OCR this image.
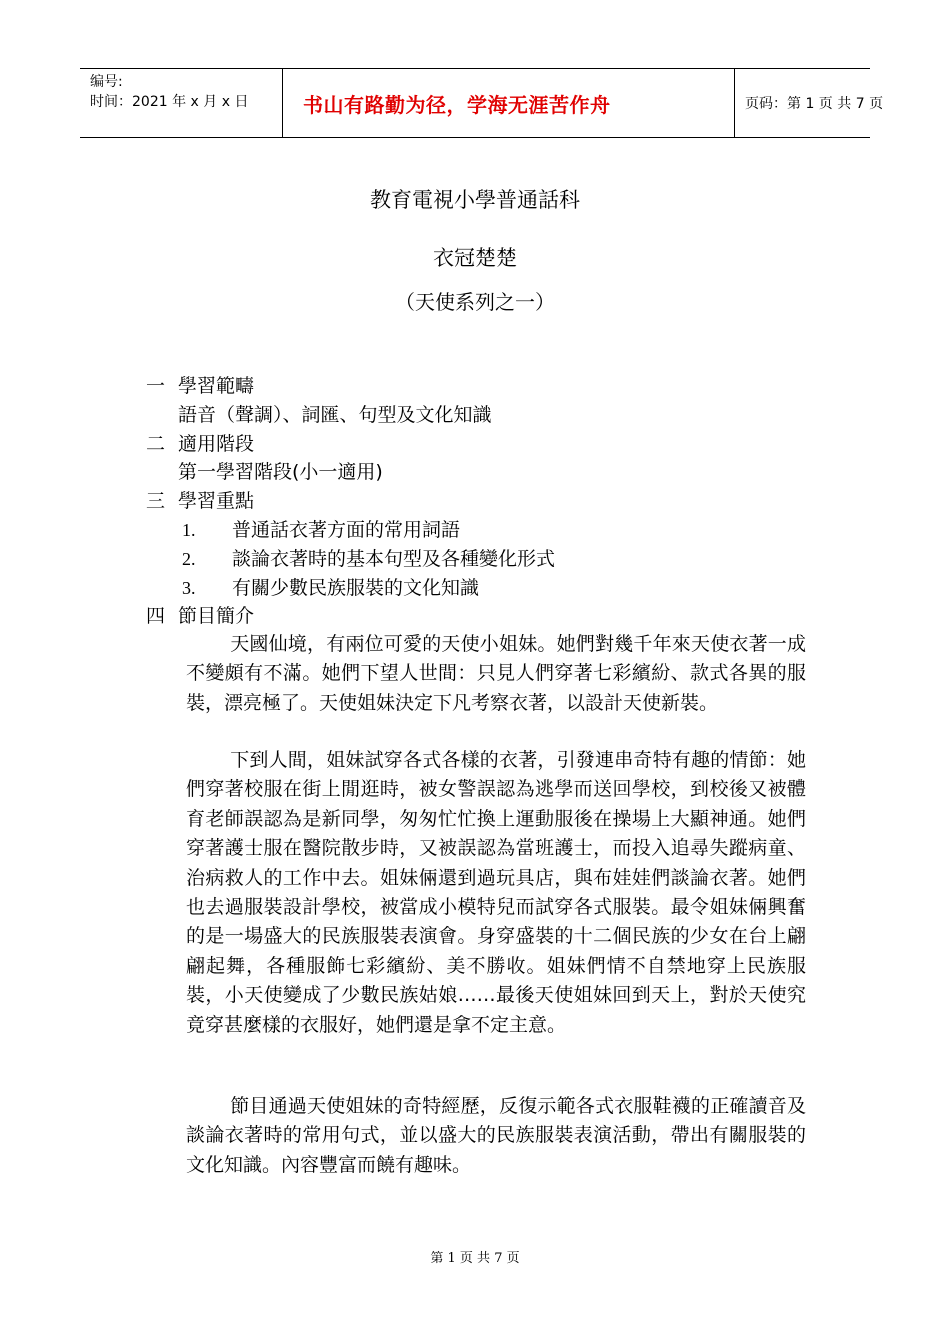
编号:
时间：2021 年 x 月 x 日	书山有路勤为径，学海无涯苦作舟	页码：第 1 页 共 7 页
教育電視小學普通話科
衣冠楚楚
（天使系列之一）
一 學習範疇
語音（聲調）、詞匯、句型及文化知識
二 適用階段
第一學習階段(小一適用)
三 學習重點
1. 普通話衣著方面的常用詞語
2. 談論衣著時的基本句型及各種變化形式
3. 有關少數民族服裝的文化知識
四 節目簡介
天國仙境，有兩位可愛的天使小姐妹。她們對幾千年來天使衣著一成不變頗有不滿。她們下望人世間：只見人們穿著七彩繽紛、款式各異的服裝，漂亮極了。天使姐妹決定下凡考察衣著，以設計天使新裝。
下到人間，姐妹試穿各式各樣的衣著，引發連串奇特有趣的情節：她們穿著校服在街上閒逛時，被女警誤認為逃學而送回學校，到校後又被體育老師誤認為是新同學，匆匆忙忙換上運動服後在操場上大顯神通。她們穿著護士服在醫院散步時，又被誤認為當班護士，而投入追尋失蹤病童、治病救人的工作中去。姐妹倆還到過玩具店，與布娃娃們談論衣著。她們也去過服裝設計學校，被當成小模特兒而試穿各式服裝。最令姐妹倆興奮的是一場盛大的民族服裝表演會。身穿盛裝的十二個民族的少女在台上翩翩起舞，各種服飾七彩繽紛、美不勝收。姐妹們情不自禁地穿上民族服裝，小天使變成了少數民族姑娘……最後天使姐妹回到天上，對於天使究竟穿甚麼樣的衣服好，她們還是拿不定主意。
節目通過天使姐妹的奇特經歷，反復示範各式衣服鞋襪的正確讀音及談論衣著時的常用句式，並以盛大的民族服裝表演活動，帶出有關服裝的文化知識。內容豐富而饒有趣味。
第 1 页 共 7 页
